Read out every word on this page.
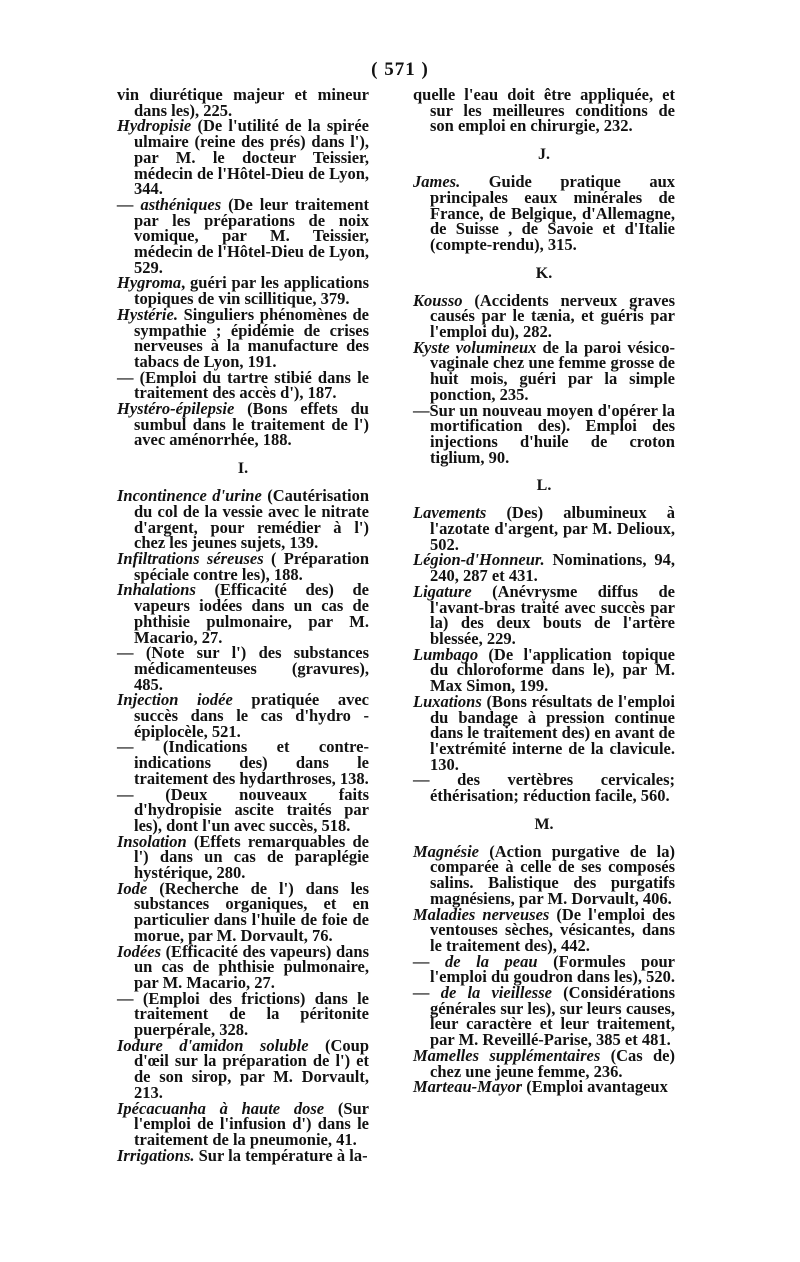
( 571 )

vin diurétique majeur et mineur dans les), 225.

Hydropisie (De l'utilité de la spirée ulmaire (reine des prés) dans l'), par M. le docteur Teissier, médecin de l'Hôtel-Dieu de Lyon, 344.

— asthéniques (De leur traitement par les préparations de noix vomique, par M. Teissier, médecin de l'Hôtel-Dieu de Lyon, 529.

Hygroma, guéri par les applications topiques de vin scillitique, 379.

Hystérie. Singuliers phénomènes de sympathie ; épidémie de crises nerveuses à la manufacture des tabacs de Lyon, 191.

— (Emploi du tartre stibié dans le traitement des accès d'), 187.

Hystéro-épilepsie (Bons effets du sumbul dans le traitement de l') avec aménorrhée, 188.

I.

Incontinence d'urine (Cautérisation du col de la vessie avec le nitrate d'argent, pour remédier à l') chez les jeunes sujets, 139.

Infiltrations séreuses ( Préparation spéciale contre les), 188.

Inhalations (Efficacité des) de vapeurs iodées dans un cas de phthisie pulmonaire, par M. Macario, 27.

— (Note sur l') des substances médicamenteuses (gravures), 485.

Injection iodée pratiquée avec succès dans le cas d'hydro - épiplocèle, 521.

— (Indications et contre-indications des) dans le traitement des hydarthroses, 138.

— (Deux nouveaux faits d'hydropisie ascite traités par les), dont l'un avec succès, 518.

Insolation (Effets remarquables de l') dans un cas de paraplégie hystérique, 280.

Iode (Recherche de l') dans les substances organiques, et en particulier dans l'huile de foie de morue, par M. Dorvault, 76.

Iodées (Efficacité des vapeurs) dans un cas de phthisie pulmonaire, par M. Macario, 27.

— (Emploi des frictions) dans le traitement de la péritonite puerpérale, 328.

Iodure d'amidon soluble (Coup d'œil sur la préparation de l') et de son sirop, par M. Dorvault, 213.

Ipécacuanha à haute dose (Sur l'emploi de l'infusion d') dans le traitement de la pneumonie, 41.

Irrigations. Sur la température à la-

quelle l'eau doit être appliquée, et sur les meilleures conditions de son emploi en chirurgie, 232.

J.

James. Guide pratique aux principales eaux minérales de France, de Belgique, d'Allemagne, de Suisse , de Savoie et d'Italie (compte-rendu), 315.

K.

Kousso (Accidents nerveux graves causés par le tænia, et guéris par l'emploi du), 282.

Kyste volumineux de la paroi vésico-vaginale chez une femme grosse de huit mois, guéri par la simple ponction, 235.

—Sur un nouveau moyen d'opérer la mortification des). Emploi des injections d'huile de croton tiglium, 90.

L.

Lavements (Des) albumineux à l'azotate d'argent, par M. Delioux, 502.

Légion-d'Honneur. Nominations, 94, 240, 287 et 431.

Ligature (Anévrysme diffus de l'avant-bras traité avec succès par la) des deux bouts de l'artère blessée, 229.

Lumbago (De l'application topique du chloroforme dans le), par M. Max Simon, 199.

Luxations (Bons résultats de l'emploi du bandage à pression continue dans le traitement des) en avant de l'extrémité interne de la clavicule. 130.

— des vertèbres cervicales; éthérisation; réduction facile, 560.

M.

Magnésie (Action purgative de la) comparée à celle de ses composés salins. Balistique des purgatifs magnésiens, par M. Dorvault, 406.

Maladies nerveuses (De l'emploi des ventouses sèches, vésicantes, dans le traitement des), 442.

— de la peau (Formules pour l'emploi du goudron dans les), 520.

— de la vieillesse (Considérations générales sur les), sur leurs causes, leur caractère et leur traitement, par M. Reveillé-Parise, 385 et 481.

Mamelles supplémentaires (Cas de) chez une jeune femme, 236.

Marteau-Mayor (Emploi avantageux
